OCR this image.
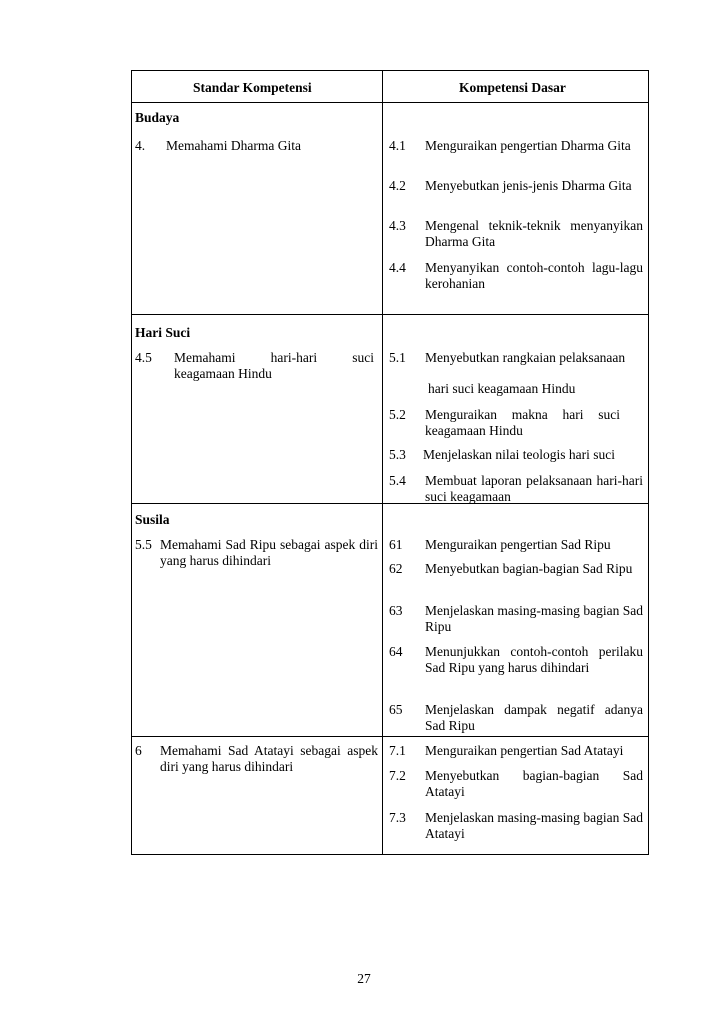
Standar Kompetensi	Kompetensi Dasar
Budaya
4. Memahami Dharma Gita	4.1 Menguraikan pengertian Dharma Gita
4.2 Menyebutkan jenis-jenis Dharma Gita
4.3 Mengenal teknik-teknik menyanyikan Dharma Gita
4.4 Menyanyikan contoh-contoh lagu-lagu kerohanian
Hari Suci
4.5 Memahami hari-hari suci keagamaan Hindu
5.1 Menyebutkan rangkaian pelaksanaan
hari suci keagamaan Hindu
5.2 Menguraikan makna hari suci keagamaan Hindu
5.3 Menjelaskan nilai teologis hari suci
5.4 Membuat laporan pelaksanaan hari-hari suci keagamaan
Susila
5.5 Memahami Sad Ripu sebagai aspek diri yang harus dihindari
61 Menguraikan pengertian Sad Ripu
62 Menyebutkan bagian-bagian Sad Ripu
63 Menjelaskan masing-masing bagian Sad Ripu
64 Menunjukkan contoh-contoh perilaku Sad Ripu yang harus dihindari
65 Menjelaskan dampak negatif adanya Sad Ripu
6 Memahami Sad Atatayi sebagai aspek diri yang harus dihindari
7.1 Menguraikan pengertian Sad Atatayi
7.2 Menyebutkan bagian-bagian Sad Atatayi
7.3 Menjelaskan masing-masing bagian Sad Atatayi
27
